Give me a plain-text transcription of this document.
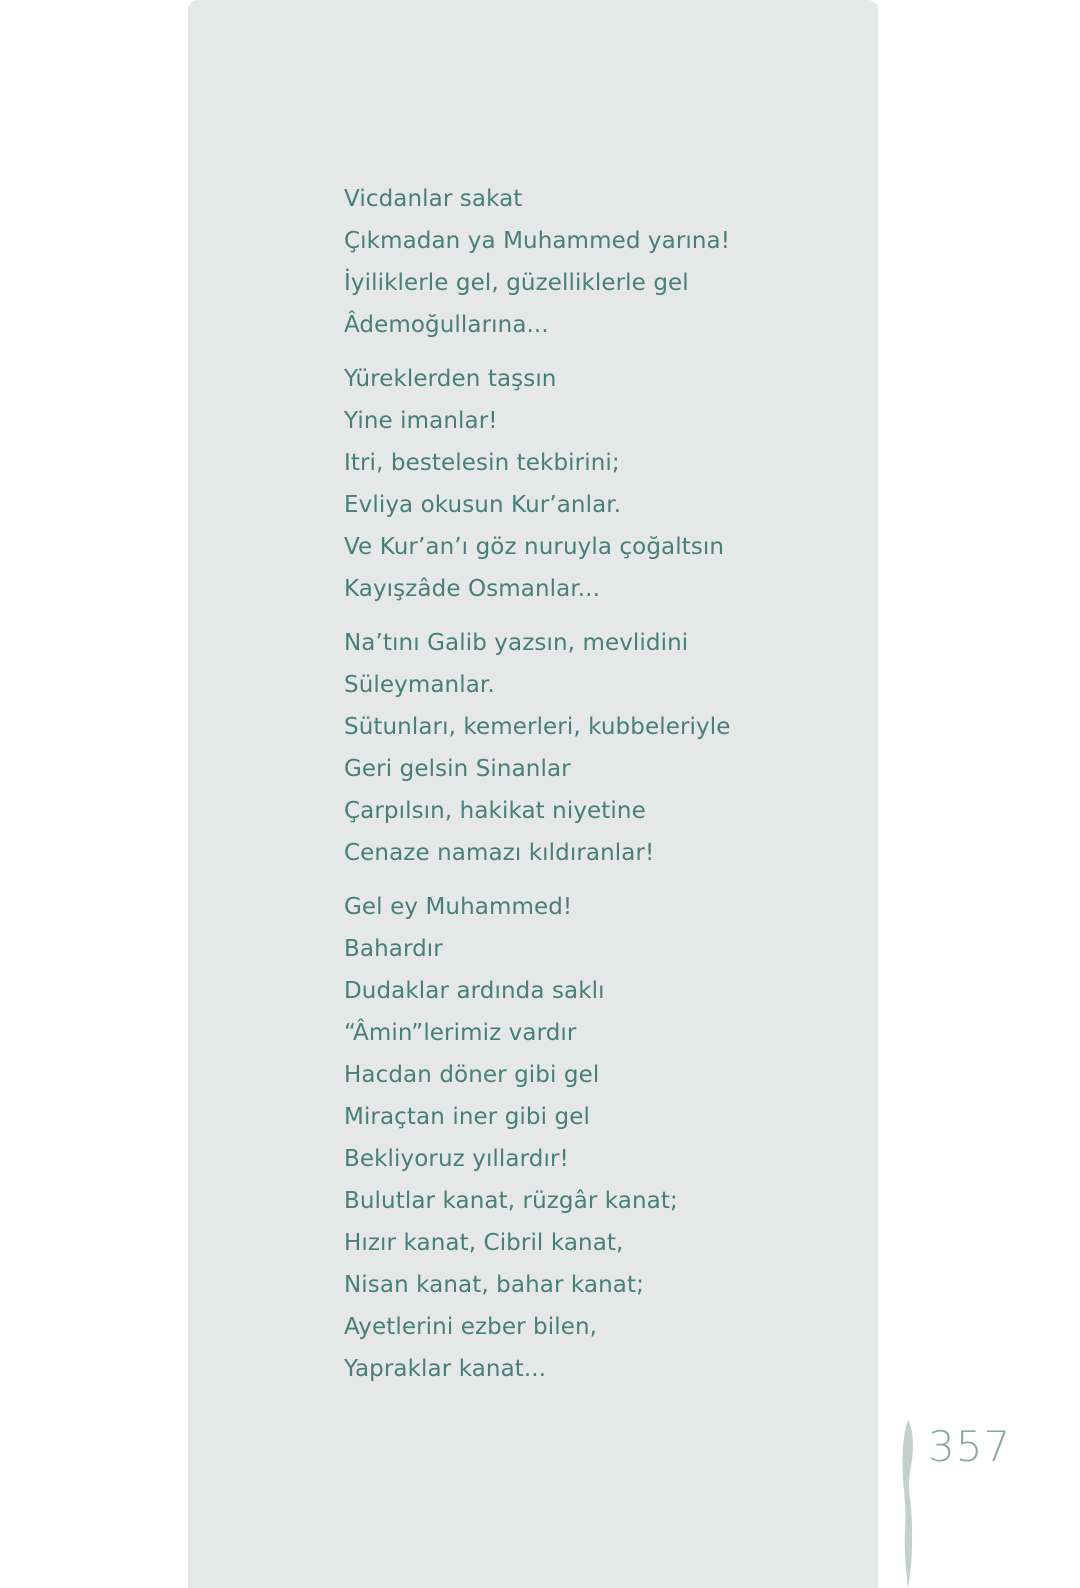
Vicdanlar sakat
Çıkmadan ya Muhammed yarına!
İyiliklerle gel, güzelliklerle gel
Âdemoğullarına...
Yüreklerden taşsın
Yine imanlar!
Itri, bestelesin tekbirini;
Evliya okusun Kur’anlar.
Ve Kur’an’ı göz nuruyla çoğaltsın
Kayışzâde Osmanlar...
Na’tını Galib yazsın, mevlidini
Süleymanlar.
Sütunları, kemerleri, kubbeleriyle
Geri gelsin Sinanlar
Çarpılsın, hakikat niyetine
Cenaze namazı kıldıranlar!
Gel ey Muhammed!
Bahardır
Dudaklar ardında saklı
“Âmin”lerimiz vardır
Hacdan döner gibi gel
Miraçtan iner gibi gel
Bekliyoruz yıllardır!
Bulutlar kanat, rüzgâr kanat;
Hızır kanat, Cibril kanat,
Nisan kanat, bahar kanat;
Ayetlerini ezber bilen,
Yapraklar kanat...
357
